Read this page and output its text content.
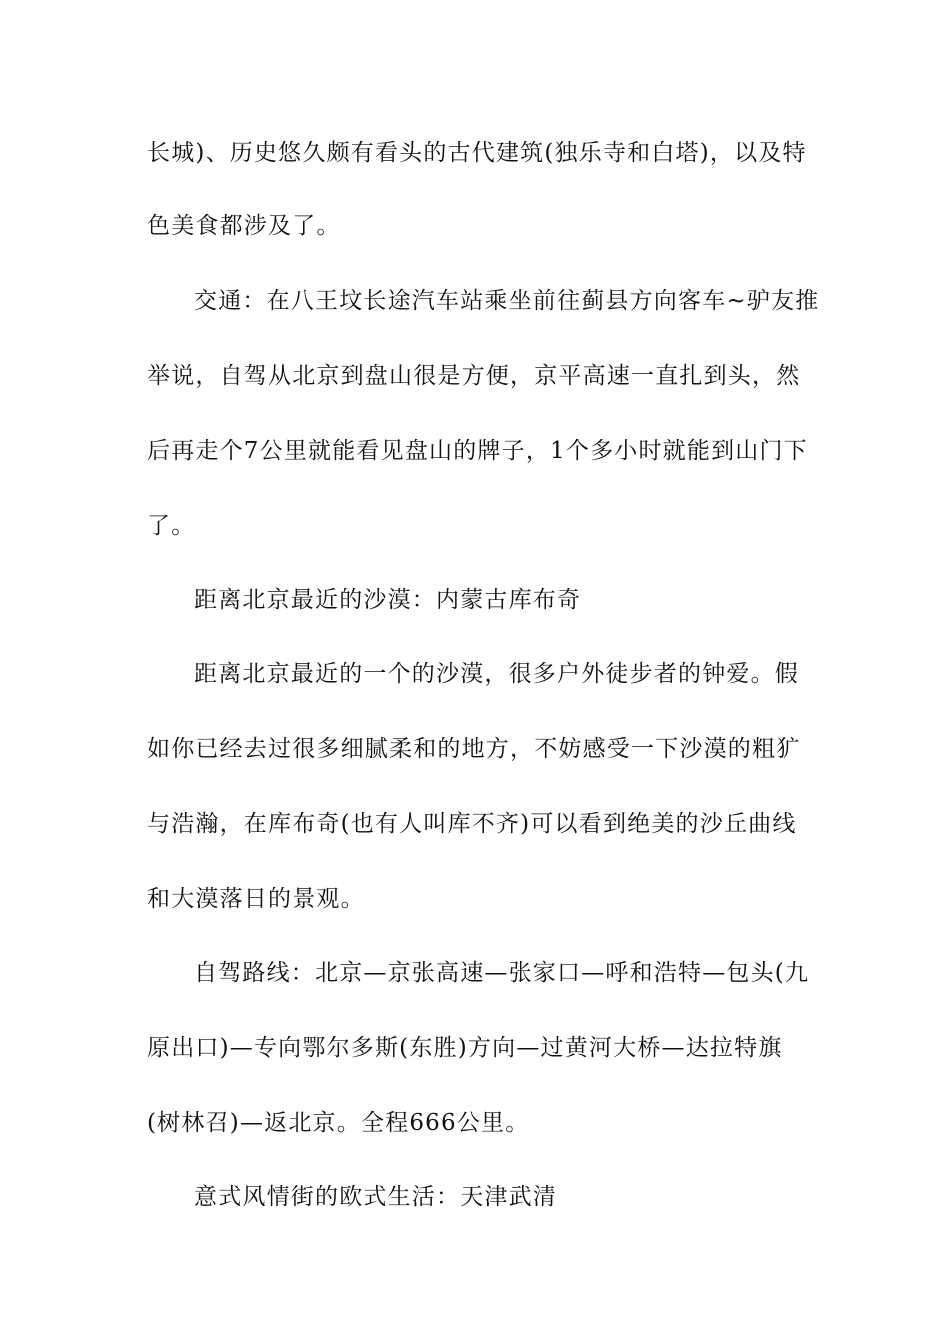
长城)、历史悠久颇有看头的古代建筑(独乐寺和白塔)，以及特
色美食都涉及了。
交通：在八王坟长途汽车站乘坐前往蓟县方向客车~驴友推
举说，自驾从北京到盘山很是方便，京平高速一直扎到头，然
后再走个7公里就能看见盘山的牌子，1个多小时就能到山门下
了。
距离北京最近的沙漠：内蒙古库布奇
距离北京最近的一个的沙漠，很多户外徒步者的钟爱。假
如你已经去过很多细腻柔和的地方，不妨感受一下沙漠的粗犷
与浩瀚，在库布奇(也有人叫库不齐)可以看到绝美的沙丘曲线
和大漠落日的景观。
自驾路线：北京—京张高速—张家口—呼和浩特—包头(九
原出口)—专向鄂尔多斯(东胜)方向—过黄河大桥—达拉特旗
(树林召)—返北京。全程666公里。
意式风情街的欧式生活：天津武清
